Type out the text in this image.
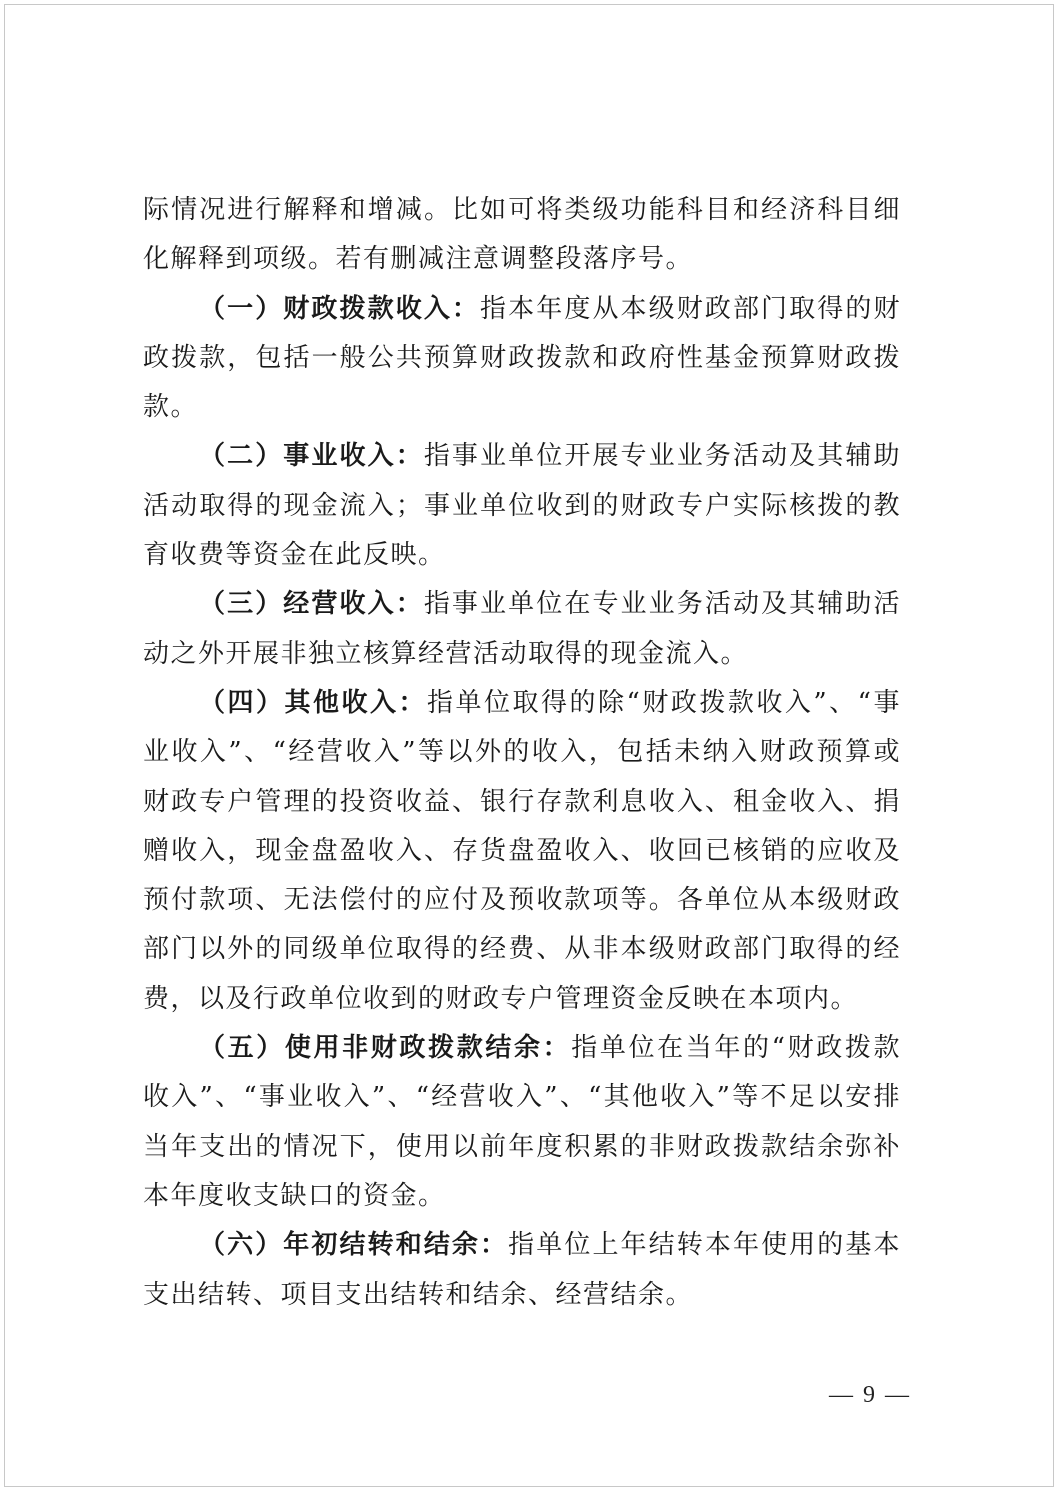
际情况进行解释和增减。比如可将类级功能科目和经济科目细化解释到项级。若有删减注意调整段落序号。

（一）财政拨款收入：指本年度从本级财政部门取得的财政拨款，包括一般公共预算财政拨款和政府性基金预算财政拨款。

（二）事业收入：指事业单位开展专业业务活动及其辅助活动取得的现金流入；事业单位收到的财政专户实际核拨的教育收费等资金在此反映。

（三）经营收入：指事业单位在专业业务活动及其辅助活动之外开展非独立核算经营活动取得的现金流入。

（四）其他收入：指单位取得的除“财政拨款收入”、“事业收入”、“经营收入”等以外的收入，包括未纳入财政预算或财政专户管理的投资收益、银行存款利息收入、租金收入、捐赠收入，现金盘盈收入、存货盘盈收入、收回已核销的应收及预付款项、无法偿付的应付及预收款项等。各单位从本级财政部门以外的同级单位取得的经费、从非本级财政部门取得的经费，以及行政单位收到的财政专户管理资金反映在本项内。

（五）使用非财政拨款结余：指单位在当年的“财政拨款收入”、“事业收入”、“经营收入”、“其他收入”等不足以安排当年支出的情况下，使用以前年度积累的非财政拨款结余弥补本年度收支缺口的资金。

（六）年初结转和结余：指单位上年结转本年使用的基本支出结转、项目支出结转和结余、经营结余。

— 9 —
